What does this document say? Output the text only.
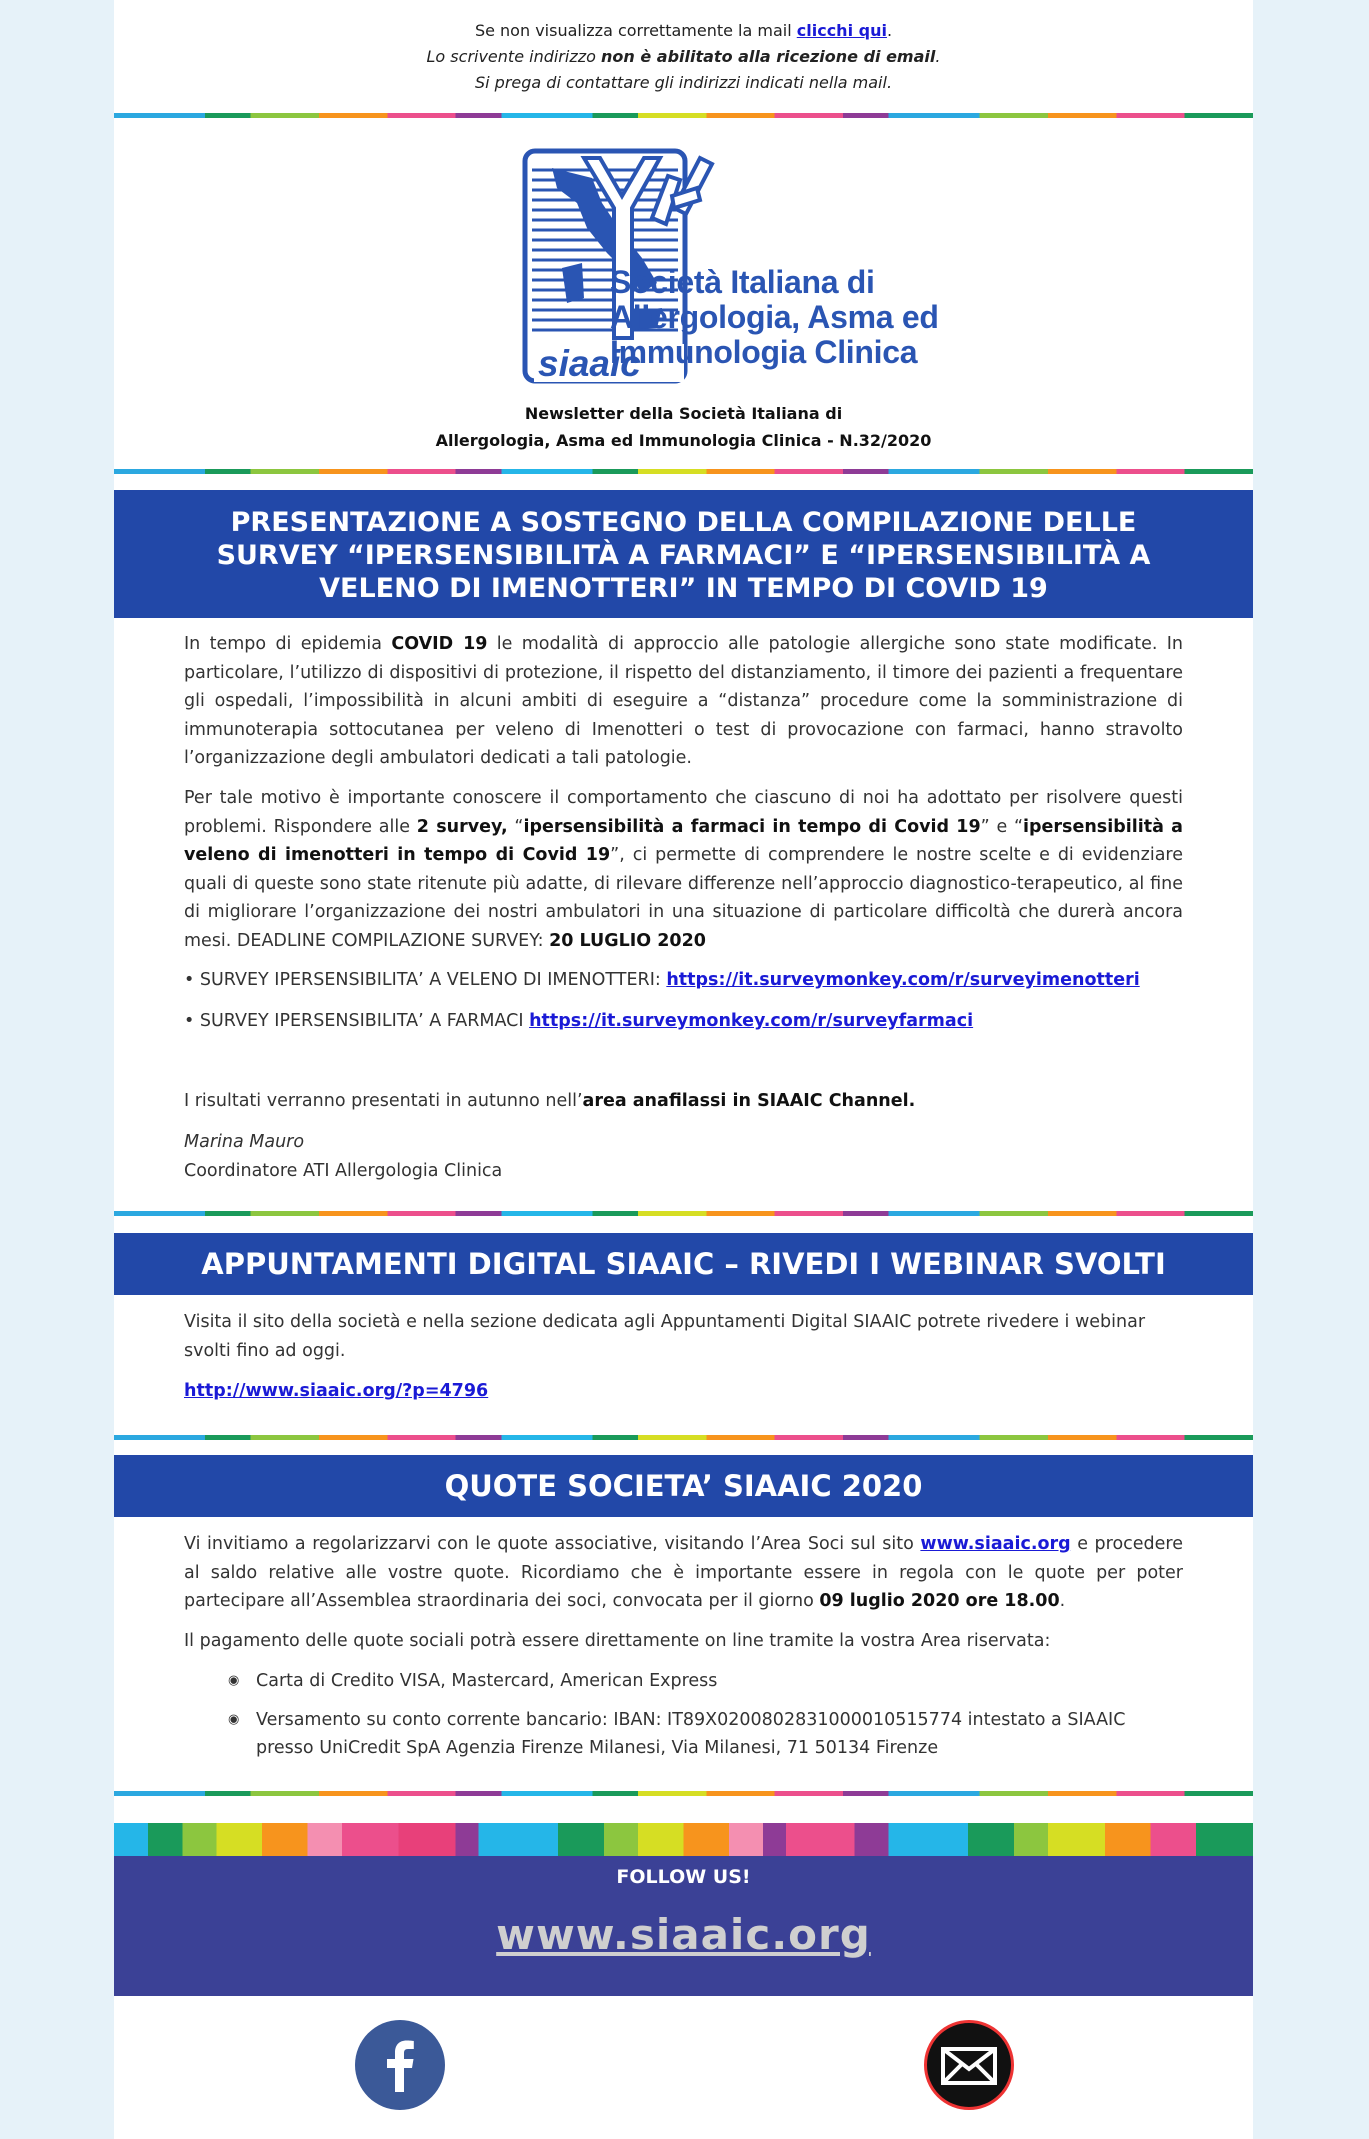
Se non visualizza correttamente la mail clicchi qui.
Lo scrivente indirizzo non è abilitato alla ricezione di email.
Si prega di contattare gli indirizzi indicati nella mail.
siaaic
Società Italiana di
Allergologia, Asma ed
Immunologia Clinica
Newsletter della Società Italiana di
Allergologia, Asma ed Immunologia Clinica - N.32/2020
PRESENTAZIONE A SOSTEGNO DELLA COMPILAZIONE DELLE
SURVEY “IPERSENSIBILITÀ A FARMACI” E “IPERSENSIBILITÀ A
VELENO DI IMENOTTERI” IN TEMPO DI COVID 19
In tempo di epidemia COVID 19 le modalità di approccio alle patologie allergiche sono state modificate. In particolare, l’utilizzo di dispositivi di protezione, il rispetto del distanziamento, il timore dei pazienti a frequentare gli ospedali, l’impossibilità in alcuni ambiti di eseguire a “distanza” procedure come la somministrazione di immunoterapia sottocutanea per veleno di Imenotteri o test di provocazione con farmaci, hanno stravolto l’organizzazione degli ambulatori dedicati a tali patologie.
Per tale motivo è importante conoscere il comportamento che ciascuno di noi ha adottato per risolvere questi problemi. Rispondere alle 2 survey, “ipersensibilità a farmaci in tempo di Covid 19” e “ipersensibilità a veleno di imenotteri in tempo di Covid 19”, ci permette di comprendere le nostre scelte e di evidenziare quali di queste sono state ritenute più adatte, di rilevare differenze nell’approccio diagnostico-terapeutico, al fine di migliorare l’organizzazione dei nostri ambulatori in una situazione di particolare difficoltà che durerà ancora mesi. DEADLINE COMPILAZIONE SURVEY: 20 LUGLIO 2020
• SURVEY IPERSENSIBILITA’ A VELENO DI IMENOTTERI: https://it.surveymonkey.com/r/surveyimenotteri
• SURVEY IPERSENSIBILITA’ A FARMACI https://it.surveymonkey.com/r/surveyfarmaci
I risultati verranno presentati in autunno nell’area anafilassi in SIAAIC Channel.
Marina Mauro
Coordinatore ATI Allergologia Clinica
APPUNTAMENTI DIGITAL SIAAIC – RIVEDI I WEBINAR SVOLTI
Visita il sito della società e nella sezione dedicata agli Appuntamenti Digital SIAAIC potrete rivedere i webinar svolti fino ad oggi.
http://www.siaaic.org/?p=4796
QUOTE SOCIETA’ SIAAIC 2020
Vi invitiamo a regolarizzarvi con le quote associative, visitando l’Area Soci sul sito www.siaaic.org e procedere al saldo relative alle vostre quote. Ricordiamo che è importante essere in regola con le quote per poter partecipare all’Assemblea straordinaria dei soci, convocata per il giorno 09 luglio 2020 ore 18.00.
Il pagamento delle quote sociali potrà essere direttamente on line tramite la vostra Area riservata:
◉ Carta di Credito VISA, Mastercard, American Express
◉ Versamento su conto corrente bancario: IBAN: IT89X0200802831000010515774 intestato a SIAAIC presso UniCredit SpA Agenzia Firenze Milanesi, Via Milanesi, 71 50134 Firenze
FOLLOW US!
www.siaaic.org
